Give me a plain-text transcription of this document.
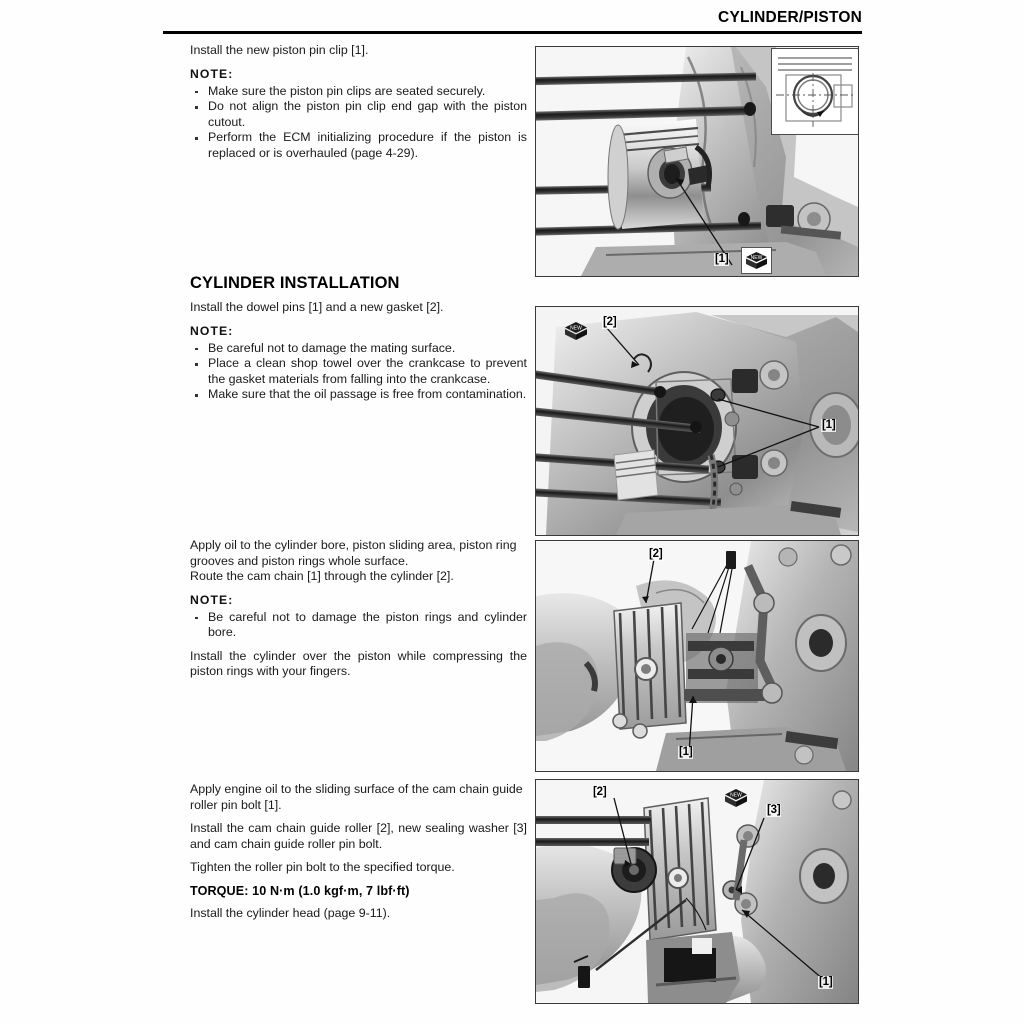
CYLINDER/PISTON

Install the new piston pin clip [1].

NOTE:

Make sure the piston pin clips are seated securely.
Do not align the piston pin clip end gap with the piston cutout.
Perform the ECM initializing procedure if the piston is replaced or is overhauled (page 4-29).
CYLINDER INSTALLATION

Install the dowel pins [1] and a new gasket [2].

NOTE:

Be careful not to damage the mating surface.
Place a clean shop towel over the crankcase to prevent the gasket materials from falling into the crankcase.
Make sure that the oil passage is free from contamination.

Apply oil to the cylinder bore, piston sliding area, piston ring grooves and piston rings whole surface.

Route the cam chain [1] through the cylinder [2].

NOTE:

Be careful not to damage the piston rings and cylinder bore.

Install the cylinder over the piston while compressing the piston rings with your fingers.

Apply engine oil to the sliding surface of the cam chain guide roller pin bolt [1].

Install the cam chain guide roller [2], new sealing washer [3] and cam chain guide roller pin bolt.

Tighten the roller pin bolt to the specified torque.

TORQUE: 10 N·m (1.0 kgf·m, 7 lbf·ft)

Install the cylinder head (page 9-11).

[1]	NEW
[2]
[1]
NEW
[2]
[1]
[2]
[3]
[1]
NEW
